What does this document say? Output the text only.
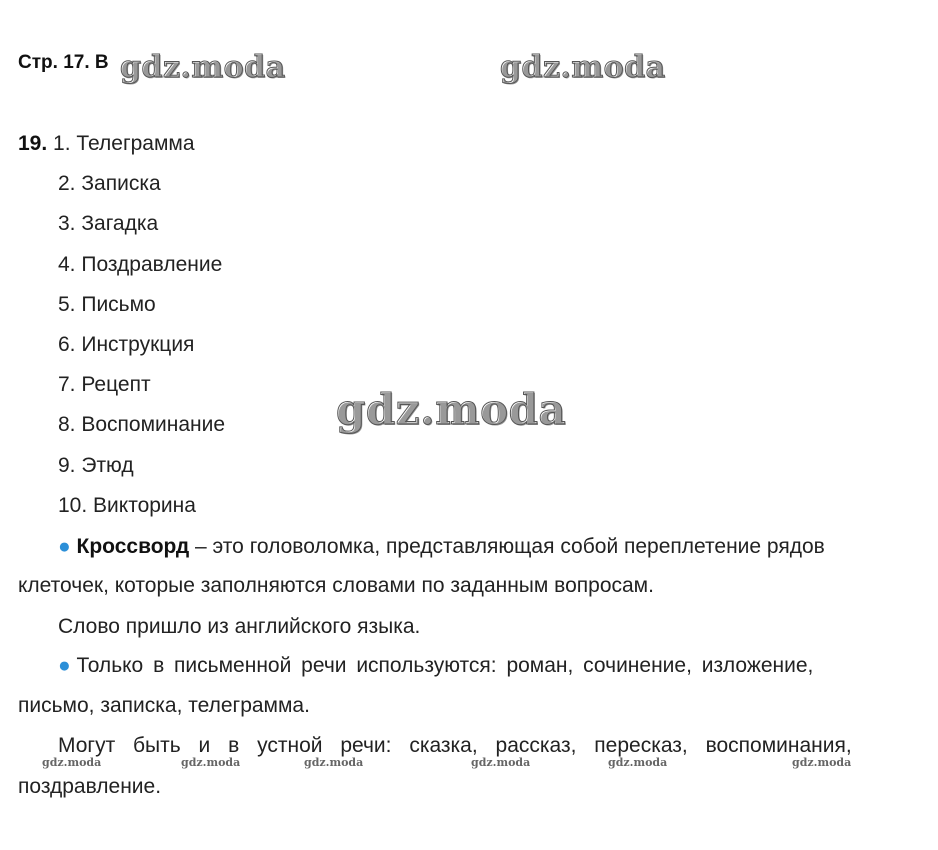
Стр. 17. В
19. 1. Телеграмма
2. Записка
3. Загадка
4. Поздравление
5. Письмо
6. Инструкция
7. Рецепт
8. Воспоминание
9. Этюд
10. Викторина
● Кроссворд – это головоломка, представляющая собой переплетение рядов
клеточек, которые заполняются словами по заданным вопросам.
Слово пришло из английского языка.
● Только в письменной речи используются: роман, сочинение, изложение,
письмо, записка, телеграмма.
Могут быть и в устной речи: сказка, рассказ, пересказ, воспоминания,
поздравление.
gdz.moda	gdz.moda
gdz.moda
gdz.moda	gdz.moda	gdz.moda	gdz.moda	gdz.moda	gdz.moda
